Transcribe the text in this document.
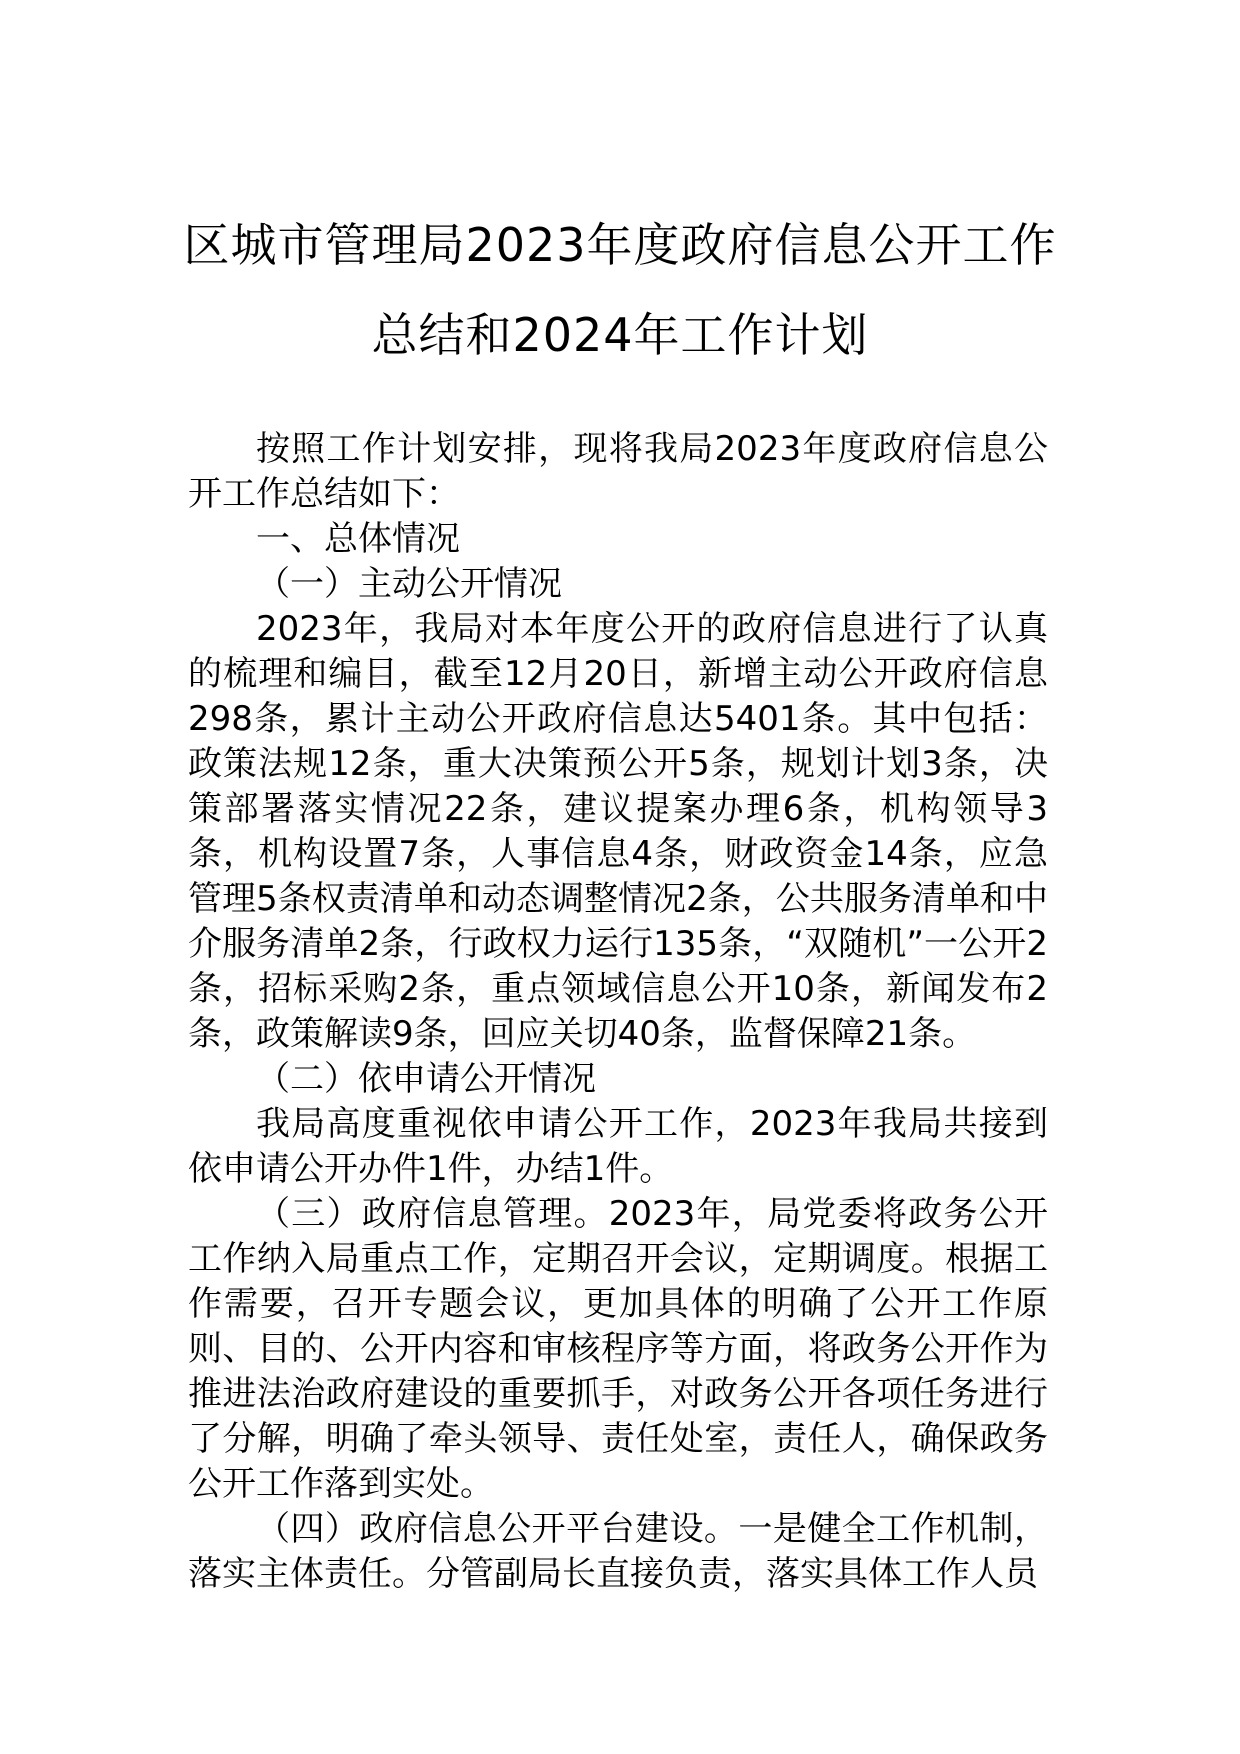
区城市管理局2023年度政府信息公开工作
总结和2024年工作计划

按照工作计划安排，现将我局2023年度政府信息公开工作总结如下：

一、总体情况

（一）主动公开情况

2023年，我局对本年度公开的政府信息进行了认真的梳理和编目，截至12月20日，新增主动公开政府信息298条，累计主动公开政府信息达5401条。其中包括：政策法规12条，重大决策预公开5条，规划计划3条，决策部署落实情况22条，建议提案办理6条，机构领导3条，机构设置7条，人事信息4条，财政资金14条，应急管理5条权责清单和动态调整情况2条，公共服务清单和中介服务清单2条，行政权力运行135条，“双随机”一公开2条，招标采购2条，重点领域信息公开10条，新闻发布2条，政策解读9条，回应关切40条，监督保障21条。

（二）依申请公开情况

我局高度重视依申请公开工作，2023年我局共接到依申请公开办件1件，办结1件。

（三）政府信息管理。2023年，局党委将政务公开工作纳入局重点工作，定期召开会议，定期调度。根据工作需要，召开专题会议，更加具体的明确了公开工作原则、目的、公开内容和审核程序等方面，将政务公开作为推进法治政府建设的重要抓手，对政务公开各项任务进行了分解，明确了牵头领导、责任处室，责任人，确保政务公开工作落到实处。

（四）政府信息公开平台建设。一是健全工作机制，落实主体责任。分管副局长直接负责，落实具体工作人员
